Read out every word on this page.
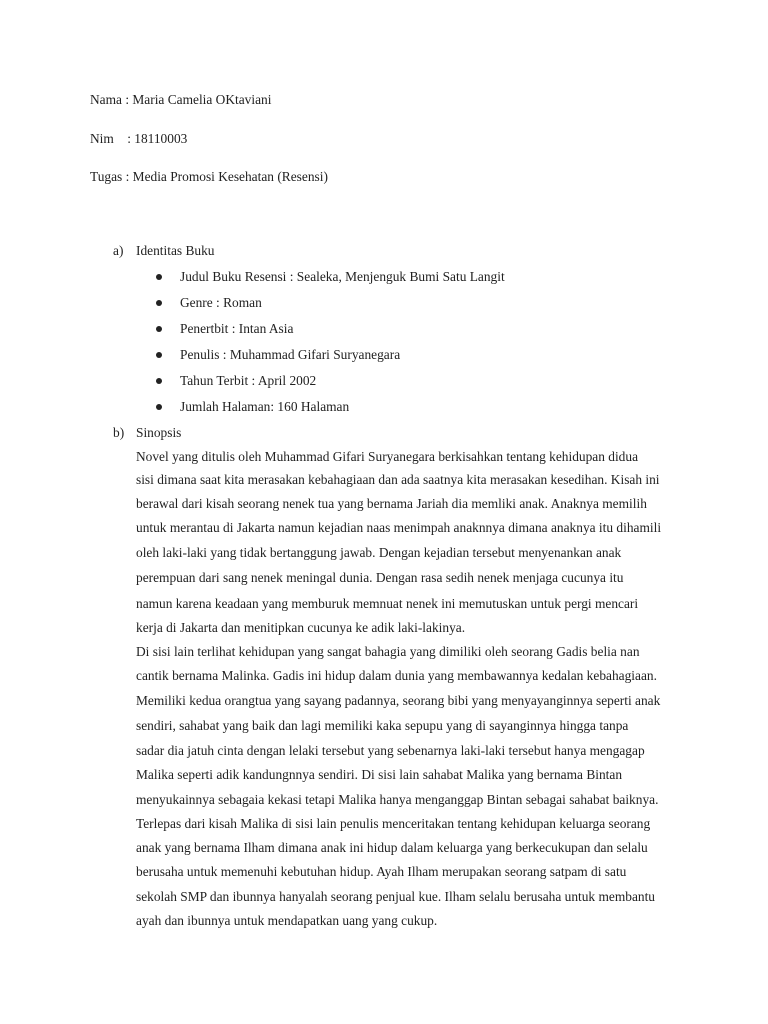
Nama : Maria Camelia OKtaviani
Nim    : 18110003
Tugas : Media Promosi Kesehatan (Resensi)
a) Identitas Buku
Judul Buku Resensi : Sealeka, Menjenguk Bumi Satu Langit
Genre : Roman
Penertbit : Intan Asia
Penulis : Muhammad Gifari Suryanegara
Tahun Terbit : April 2002
Jumlah Halaman: 160 Halaman
b) Sinopsis
Novel yang ditulis oleh Muhammad Gifari Suryanegara berkisahkan tentang kehidupan didua
sisi dimana saat kita merasakan kebahagiaan dan ada saatnya kita merasakan kesedihan. Kisah ini
berawal dari kisah seorang nenek tua yang bernama Jariah dia memliki anak. Anaknya memilih
untuk merantau di Jakarta namun kejadian naas menimpah anaknnya dimana anaknya itu dihamili
oleh laki-laki yang tidak bertanggung jawab. Dengan kejadian tersebut menyenankan anak
perempuan dari sang nenek meningal dunia. Dengan rasa sedih nenek menjaga cucunya itu
namun karena keadaan yang memburuk memnuat nenek ini memutuskan untuk pergi mencari
kerja di Jakarta dan menitipkan cucunya ke adik laki-lakinya.
Di sisi lain terlihat kehidupan yang sangat bahagia yang dimiliki oleh seorang Gadis belia nan
cantik bernama Malinka. Gadis ini hidup dalam dunia yang membawannya kedalan kebahagiaan.
Memiliki kedua orangtua yang sayang padannya, seorang bibi yang menyayanginnya seperti anak
sendiri, sahabat yang baik dan lagi memiliki kaka sepupu yang di sayanginnya hingga tanpa
sadar dia jatuh cinta dengan lelaki tersebut yang sebenarnya laki-laki tersebut hanya mengagap
Malika seperti adik kandungnnya sendiri. Di sisi lain sahabat Malika yang bernama Bintan
menyukainnya sebagaia kekasi tetapi Malika hanya menganggap Bintan sebagai sahabat baiknya.
Terlepas dari kisah Malika di sisi lain penulis menceritakan tentang kehidupan keluarga seorang
anak yang bernama Ilham dimana anak ini hidup dalam keluarga yang berkecukupan dan selalu
berusaha untuk memenuhi kebutuhan hidup. Ayah Ilham merupakan seorang satpam di satu
sekolah SMP dan ibunnya hanyalah seorang penjual kue. Ilham selalu berusaha untuk membantu
ayah dan ibunnya untuk mendapatkan uang yang cukup.
